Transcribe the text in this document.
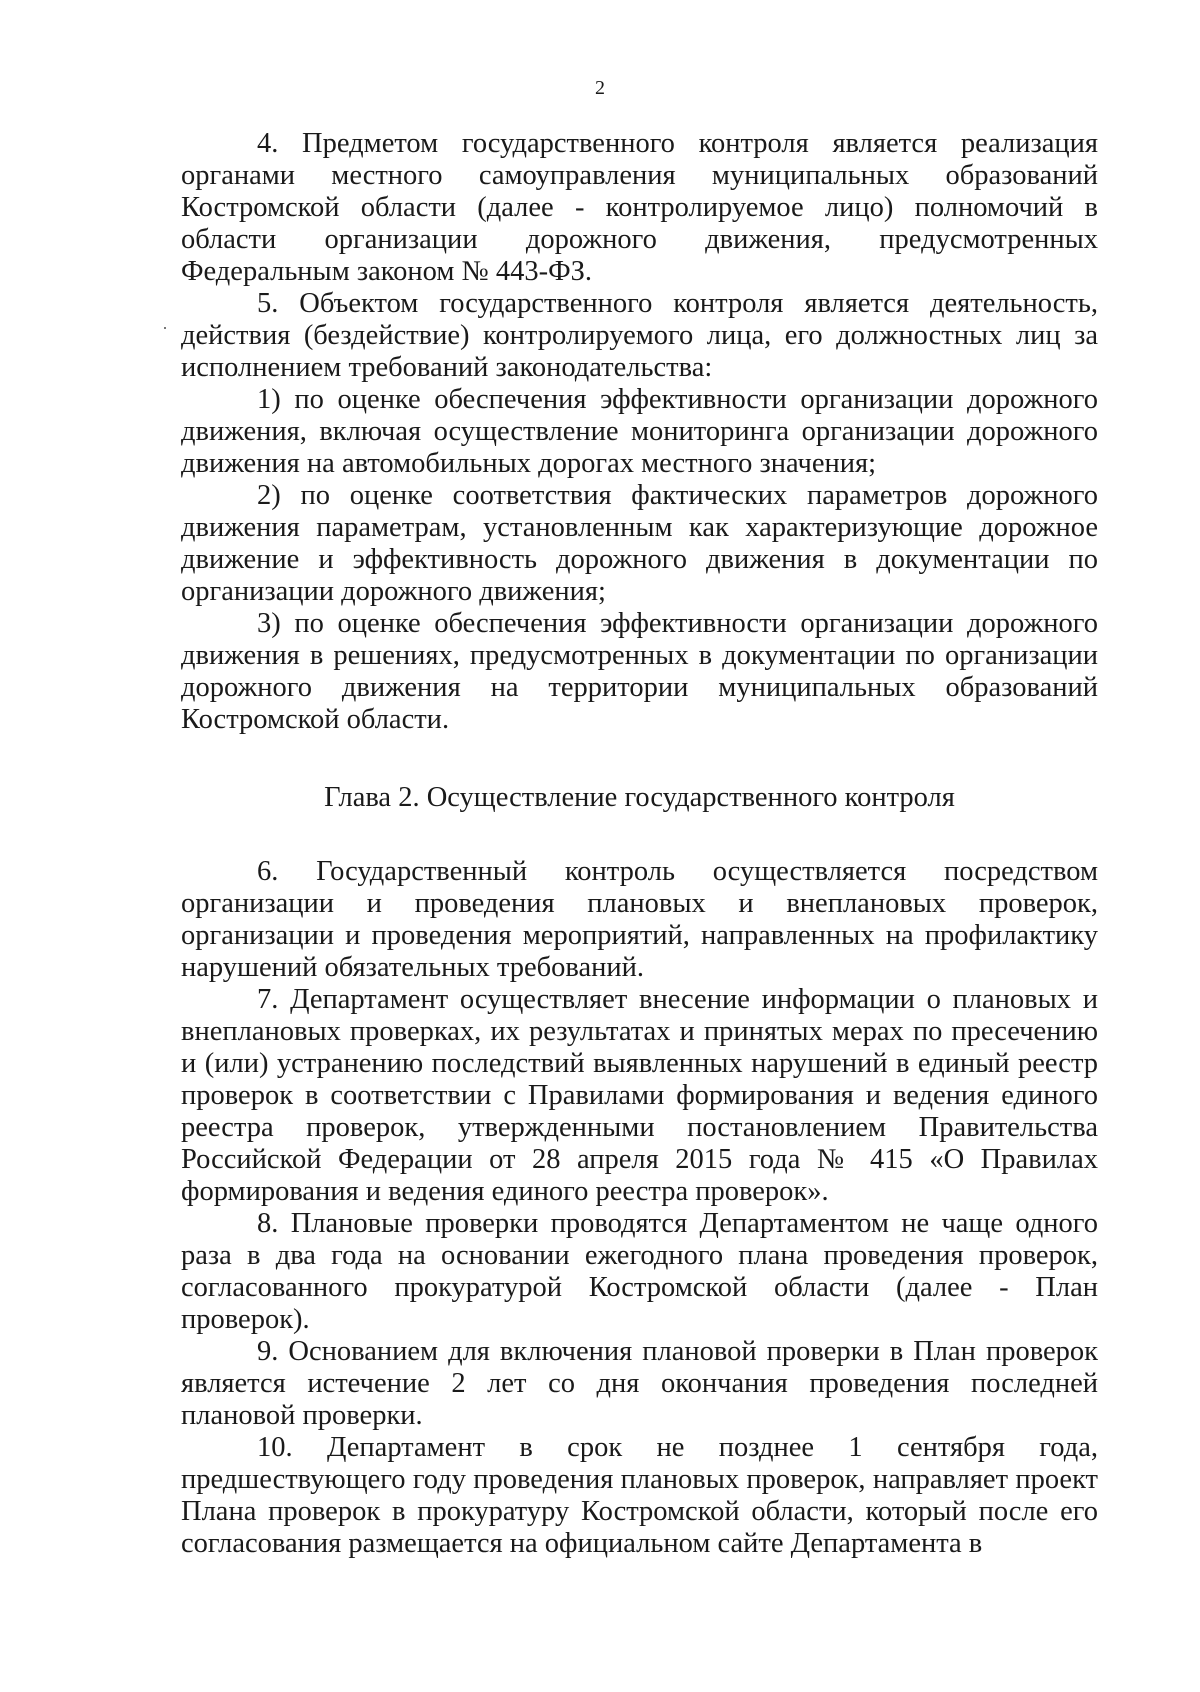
2

4. Предметом государственного контроля является реализация органами местного самоуправления муниципальных образований Костромской области (далее - контролируемое лицо) полномочий в области организации дорожного движения, предусмотренных Федеральным законом № 443-ФЗ.

5. Объектом государственного контроля является деятельность, действия (бездействие) контролируемого лица, его должностных лиц за исполнением требований законодательства:

1) по оценке обеспечения эффективности организации дорожного движения, включая осуществление мониторинга организации дорожного движения на автомобильных дорогах местного значения;

2) по оценке соответствия фактических параметров дорожного движения параметрам, установленным как характеризующие дорожное движение и эффективность дорожного движения в документации по организации дорожного движения;

3) по оценке обеспечения эффективности организации дорожного движения в решениях, предусмотренных в документации по организации дорожного движения на территории муниципальных образований Костромской области.

Глава 2. Осуществление государственного контроля

6. Государственный контроль осуществляется посредством организации и проведения плановых и внеплановых проверок, организации и проведения мероприятий, направленных на профилактику нарушений обязательных требований.

7. Департамент осуществляет внесение информации о плановых и внеплановых проверках, их результатах и принятых мерах по пресечению и (или) устранению последствий выявленных нарушений в единый реестр проверок в соответствии с Правилами формирования и ведения единого реестра проверок, утвержденными постановлением Правительства Российской Федерации от 28 апреля 2015 года № 415 «О Правилах формирования и ведения единого реестра проверок».

8. Плановые проверки проводятся Департаментом не чаще одного раза в два года на основании ежегодного плана проведения проверок, согласованного прокуратурой Костромской области (далее - План проверок).

9. Основанием для включения плановой проверки в План проверок является истечение 2 лет со дня окончания проведения последней плановой проверки.

10. Департамент в срок не позднее 1 сентября года, предшествующего году проведения плановых проверок, направляет проект Плана проверок в прокуратуру Костромской области, который после его согласования размещается на официальном сайте Департамента в
